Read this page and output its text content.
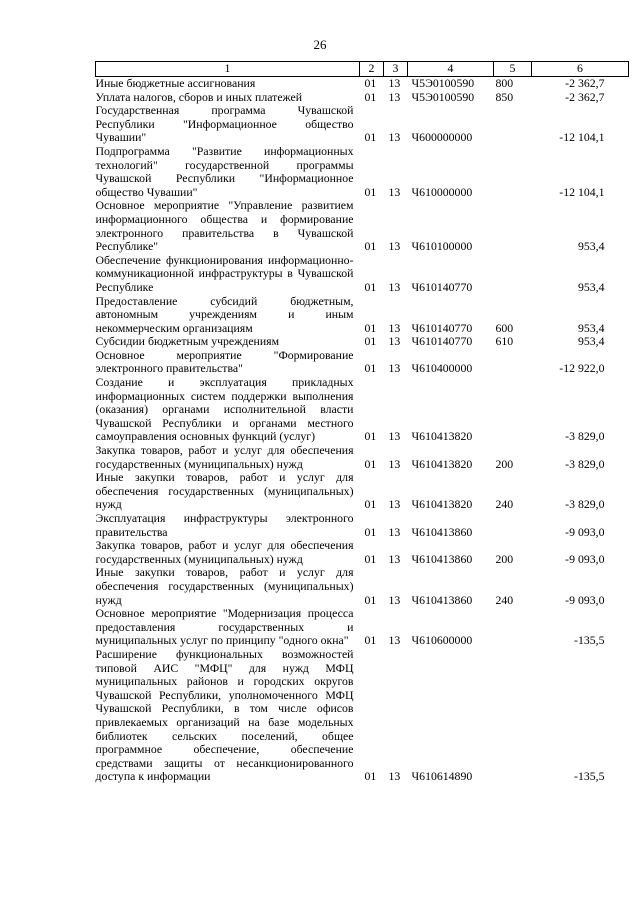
26
1	2	3	4	5	6
Иные бюджетные ассигнования	01	13	Ч5Э0100590	800	-2 362,7
Уплата налогов, сборов и иных платежей	01	13	Ч5Э0100590	850	-2 362,7
Государственная программа Чувашской Республики "Информационное общество Чувашии"	01	13	Ч600000000		-12 104,1
Подпрограмма "Развитие информационных технологий" государственной программы Чувашской Республики "Информационное общество Чувашии"	01	13	Ч610000000		-12 104,1
Основное мероприятие "Управление развитием информационного общества и формирование электронного правительства в Чувашской Республике"	01	13	Ч610100000		953,4
Обеспечение функционирования информационно-коммуникационной инфраструктуры в Чувашской Республике	01	13	Ч610140770		953,4
Предоставление субсидий бюджетным, автономным учреждениям и иным некоммерческим организациям	01	13	Ч610140770	600	953,4
Субсидии бюджетным учреждениям	01	13	Ч610140770	610	953,4
Основное мероприятие "Формирование электронного правительства"	01	13	Ч610400000		-12 922,0
Создание и эксплуатация прикладных информационных систем поддержки выполнения (оказания) органами исполнительной власти Чувашской Республики и органами местного самоуправления основных функций (услуг)	01	13	Ч610413820		-3 829,0
Закупка товаров, работ и услуг для обеспечения государственных (муниципальных) нужд	01	13	Ч610413820	200	-3 829,0
Иные закупки товаров, работ и услуг для обеспечения государственных (муниципальных) нужд	01	13	Ч610413820	240	-3 829,0
Эксплуатация инфраструктуры электронного правительства	01	13	Ч610413860		-9 093,0
Закупка товаров, работ и услуг для обеспечения государственных (муниципальных) нужд	01	13	Ч610413860	200	-9 093,0
Иные закупки товаров, работ и услуг для обеспечения государственных (муниципальных) нужд	01	13	Ч610413860	240	-9 093,0
Основное мероприятие "Модернизация процесса предоставления государственных и муниципальных услуг по принципу "одного окна"	01	13	Ч610600000		-135,5
Расширение функциональных возможностей типовой АИС "МФЦ" для нужд МФЦ муниципальных районов и городских округов Чувашской Республики, уполномоченного МФЦ Чувашской Республики, в том числе офисов привлекаемых организаций на базе модельных библиотек сельских поселений, общее программное обеспечение, обеспечение средствами защиты от несанкционированного доступа к информации	01	13	Ч610614890		-135,5
